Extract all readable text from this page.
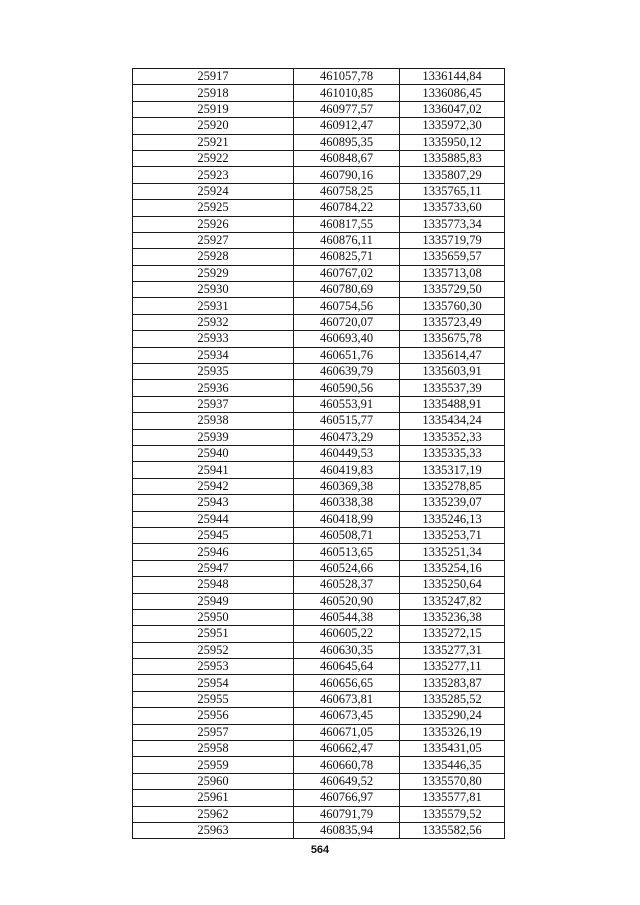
25917	461057,78	1336144,84
25918	461010,85	1336086,45
25919	460977,57	1336047,02
25920	460912,47	1335972,30
25921	460895,35	1335950,12
25922	460848,67	1335885,83
25923	460790,16	1335807,29
25924	460758,25	1335765,11
25925	460784,22	1335733,60
25926	460817,55	1335773,34
25927	460876,11	1335719,79
25928	460825,71	1335659,57
25929	460767,02	1335713,08
25930	460780,69	1335729,50
25931	460754,56	1335760,30
25932	460720,07	1335723,49
25933	460693,40	1335675,78
25934	460651,76	1335614,47
25935	460639,79	1335603,91
25936	460590,56	1335537,39
25937	460553,91	1335488,91
25938	460515,77	1335434,24
25939	460473,29	1335352,33
25940	460449,53	1335335,33
25941	460419,83	1335317,19
25942	460369,38	1335278,85
25943	460338,38	1335239,07
25944	460418,99	1335246,13
25945	460508,71	1335253,71
25946	460513,65	1335251,34
25947	460524,66	1335254,16
25948	460528,37	1335250,64
25949	460520,90	1335247,82
25950	460544,38	1335236,38
25951	460605,22	1335272,15
25952	460630,35	1335277,31
25953	460645,64	1335277,11
25954	460656,65	1335283,87
25955	460673,81	1335285,52
25956	460673,45	1335290,24
25957	460671,05	1335326,19
25958	460662,47	1335431,05
25959	460660,78	1335446,35
25960	460649,52	1335570,80
25961	460766,97	1335577,81
25962	460791,79	1335579,52
25963	460835,94	1335582,56
564
